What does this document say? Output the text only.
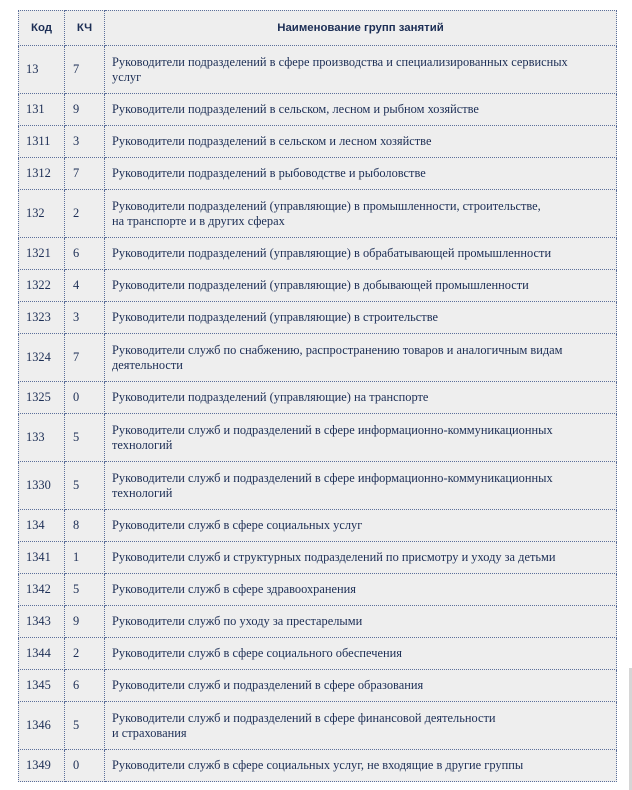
Код	КЧ	Наименование групп занятий
13	7	Руководители подразделений в сфере производства и специализированных сервисных
услуг

131	9	Руководители подразделений в сельском, лесном и рыбном хозяйстве

1311	3	Руководители подразделений в сельском и лесном хозяйстве

1312	7	Руководители подразделений в рыбоводстве и рыболовстве

132	2	Руководители подразделений (управляющие) в промышленности, строительстве,
на транспорте и в других сферах

1321	6	Руководители подразделений (управляющие) в обрабатывающей промышленности

1322	4	Руководители подразделений (управляющие) в добывающей промышленности

1323	3	Руководители подразделений (управляющие) в строительстве

1324	7	Руководители служб по снабжению, распространению товаров и аналогичным видам
деятельности

1325	0	Руководители подразделений (управляющие) на транспорте

133	5	Руководители служб и подразделений в сфере информационно-коммуникационных
технологий

1330	5	Руководители служб и подразделений в сфере информационно-коммуникационных
технологий

134	8	Руководители служб в сфере социальных услуг

1341	1	Руководители служб и структурных подразделений по присмотру и уходу за детьми

1342	5	Руководители служб в сфере здравоохранения

1343	9	Руководители служб по уходу за престарелыми

1344	2	Руководители служб в сфере социального обеспечения

1345	6	Руководители служб и подразделений в сфере образования

1346	5	Руководители служб и подразделений в сфере финансовой деятельности
и страхования

1349	0	Руководители служб в сфере социальных услуг, не входящие в другие группы
